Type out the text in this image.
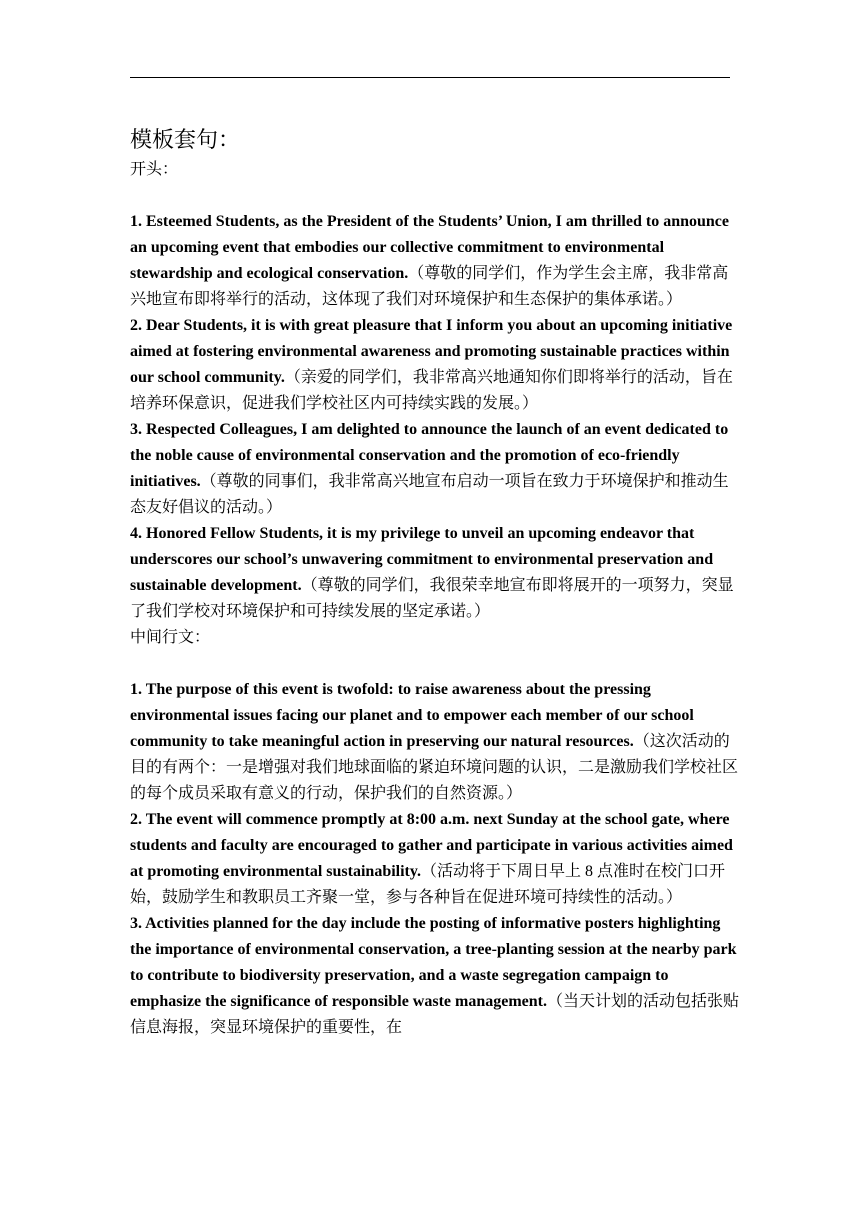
模板套句：

开头：

1. Esteemed Students, as the President of the Students’ Union, I am thrilled to announce an upcoming event that embodies our collective commitment to environmental stewardship and ecological conservation.（尊敬的同学们，作为学生会主席，我非常高兴地宣布即将举行的活动，这体现了我们对环境保护和生态保护的集体承诺。）

2. Dear Students, it is with great pleasure that I inform you about an upcoming initiative aimed at fostering environmental awareness and promoting sustainable practices within our school community.（亲爱的同学们，我非常高兴地通知你们即将举行的活动，旨在培养环保意识，促进我们学校社区内可持续实践的发展。）

3. Respected Colleagues, I am delighted to announce the launch of an event dedicated to the noble cause of environmental conservation and the promotion of eco-friendly initiatives.（尊敬的同事们，我非常高兴地宣布启动一项旨在致力于环境保护和推动生态友好倡议的活动。）

4. Honored Fellow Students, it is my privilege to unveil an upcoming endeavor that underscores our school’s unwavering commitment to environmental preservation and sustainable development.（尊敬的同学们，我很荣幸地宣布即将展开的一项努力，突显了我们学校对环境保护和可持续发展的坚定承诺。）

中间行文：

1. The purpose of this event is twofold: to raise awareness about the pressing environmental issues facing our planet and to empower each member of our school community to take meaningful action in preserving our natural resources.（这次活动的目的有两个：一是增强对我们地球面临的紧迫环境问题的认识，二是激励我们学校社区的每个成员采取有意义的行动，保护我们的自然资源。）

2. The event will commence promptly at 8:00 a.m. next Sunday at the school gate, where students and faculty are encouraged to gather and participate in various activities aimed at promoting environmental sustainability.（活动将于下周日早上 8 点准时在校门口开始，鼓励学生和教职员工齐聚一堂，参与各种旨在促进环境可持续性的活动。）

3. Activities planned for the day include the posting of informative posters highlighting the importance of environmental conservation, a tree-planting session at the nearby park to contribute to biodiversity preservation, and a waste segregation campaign to emphasize the significance of responsible waste management.（当天计划的活动包括张贴信息海报，突显环境保护的重要性，在
